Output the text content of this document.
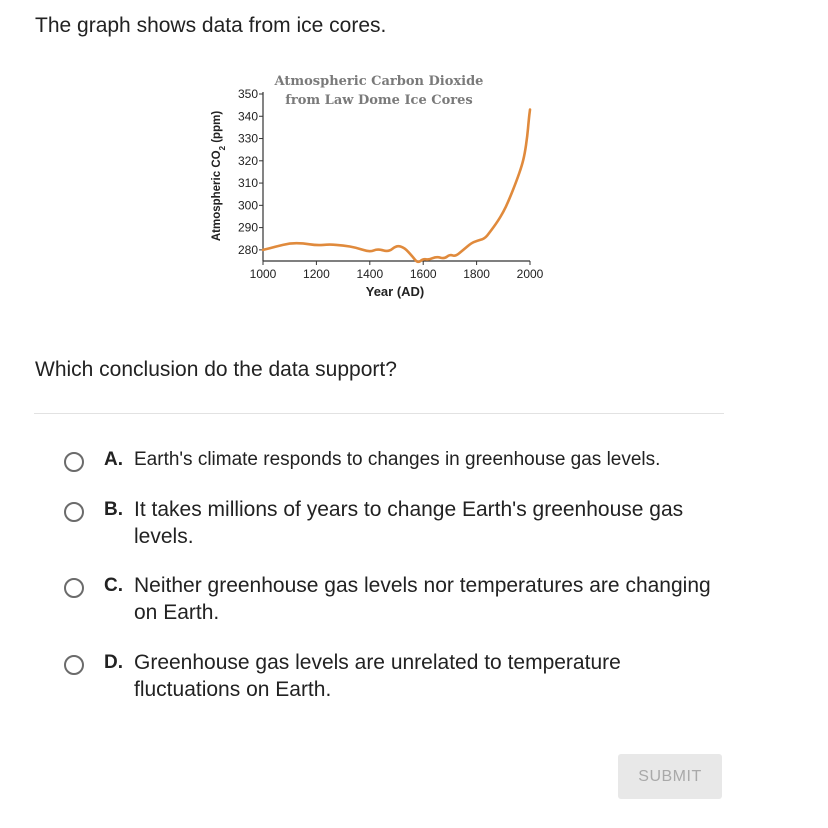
The graph shows data from ice cores.
Atmospheric $CO_2$ (ppm)
Atmospheric Carbon Dioxide
from Law Dome Ice Cores
Year (AD)
280
290
300
310
320
330
340
350
1000 1200 1400 1600 1800 2000
Which conclusion do the data support?
A. Earth's climate responds to changes in greenhouse gas levels.
B. It takes millions of years to change Earth's greenhouse gas levels.
C. Neither greenhouse gas levels nor temperatures are changing on Earth.
D. Greenhouse gas levels are unrelated to temperature fluctuations on Earth.
SUBMIT
